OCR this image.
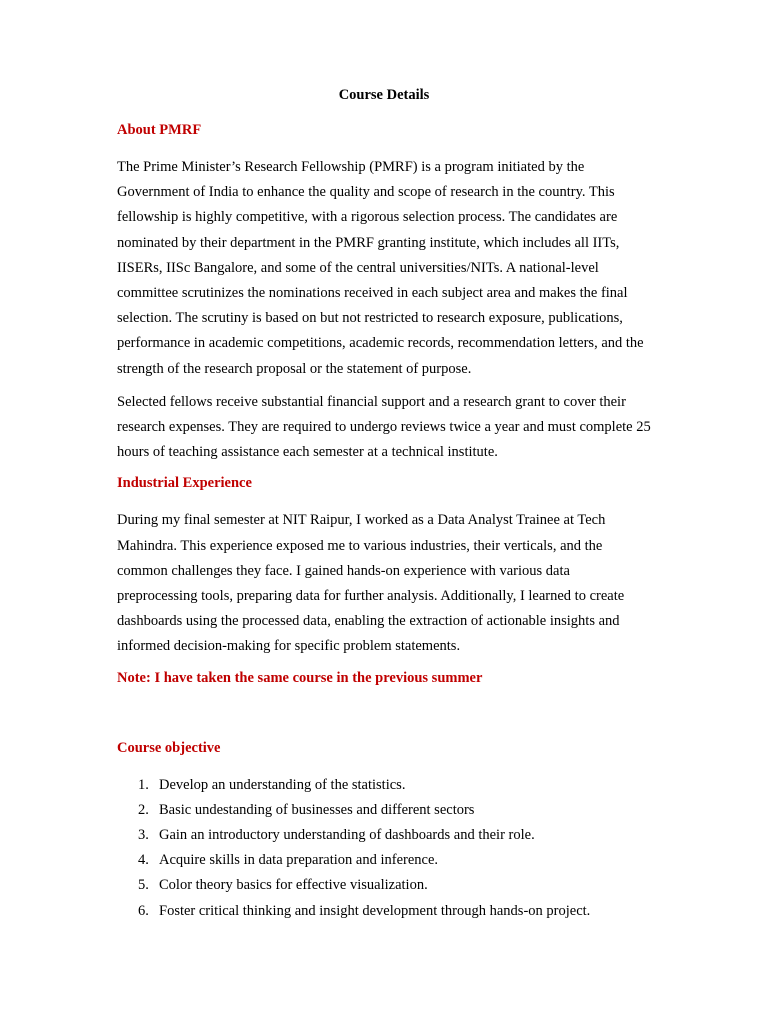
Course Details
About PMRF

The Prime Minister’s Research Fellowship (PMRF) is a program initiated by the Government of India to enhance the quality and scope of research in the country. This fellowship is highly competitive, with a rigorous selection process. The candidates are nominated by their department in the PMRF granting institute, which includes all IITs, IISERs, IISc Bangalore, and some of the central universities/NITs. A national-level committee scrutinizes the nominations received in each subject area and makes the final selection. The scrutiny is based on but not restricted to research exposure, publications, performance in academic competitions, academic records, recommendation letters, and the strength of the research proposal or the statement of purpose.

Selected fellows receive substantial financial support and a research grant to cover their research expenses. They are required to undergo reviews twice a year and must complete 25 hours of teaching assistance each semester at a technical institute.

Industrial Experience

During my final semester at NIT Raipur, I worked as a Data Analyst Trainee at Tech Mahindra. This experience exposed me to various industries, their verticals, and the common challenges they face. I gained hands-on experience with various data preprocessing tools, preparing data for further analysis. Additionally, I learned to create dashboards using the processed data, enabling the extraction of actionable insights and informed decision-making for specific problem statements.

Note: I have taken the same course in the previous summer
Course objective
1. Develop an understanding of the statistics.
2. Basic undestanding of businesses and different sectors
3. Gain an introductory understanding of dashboards and their role.
4. Acquire skills in data preparation and inference.
5. Color theory basics for effective visualization.
6. Foster critical thinking and insight development through hands-on project.
